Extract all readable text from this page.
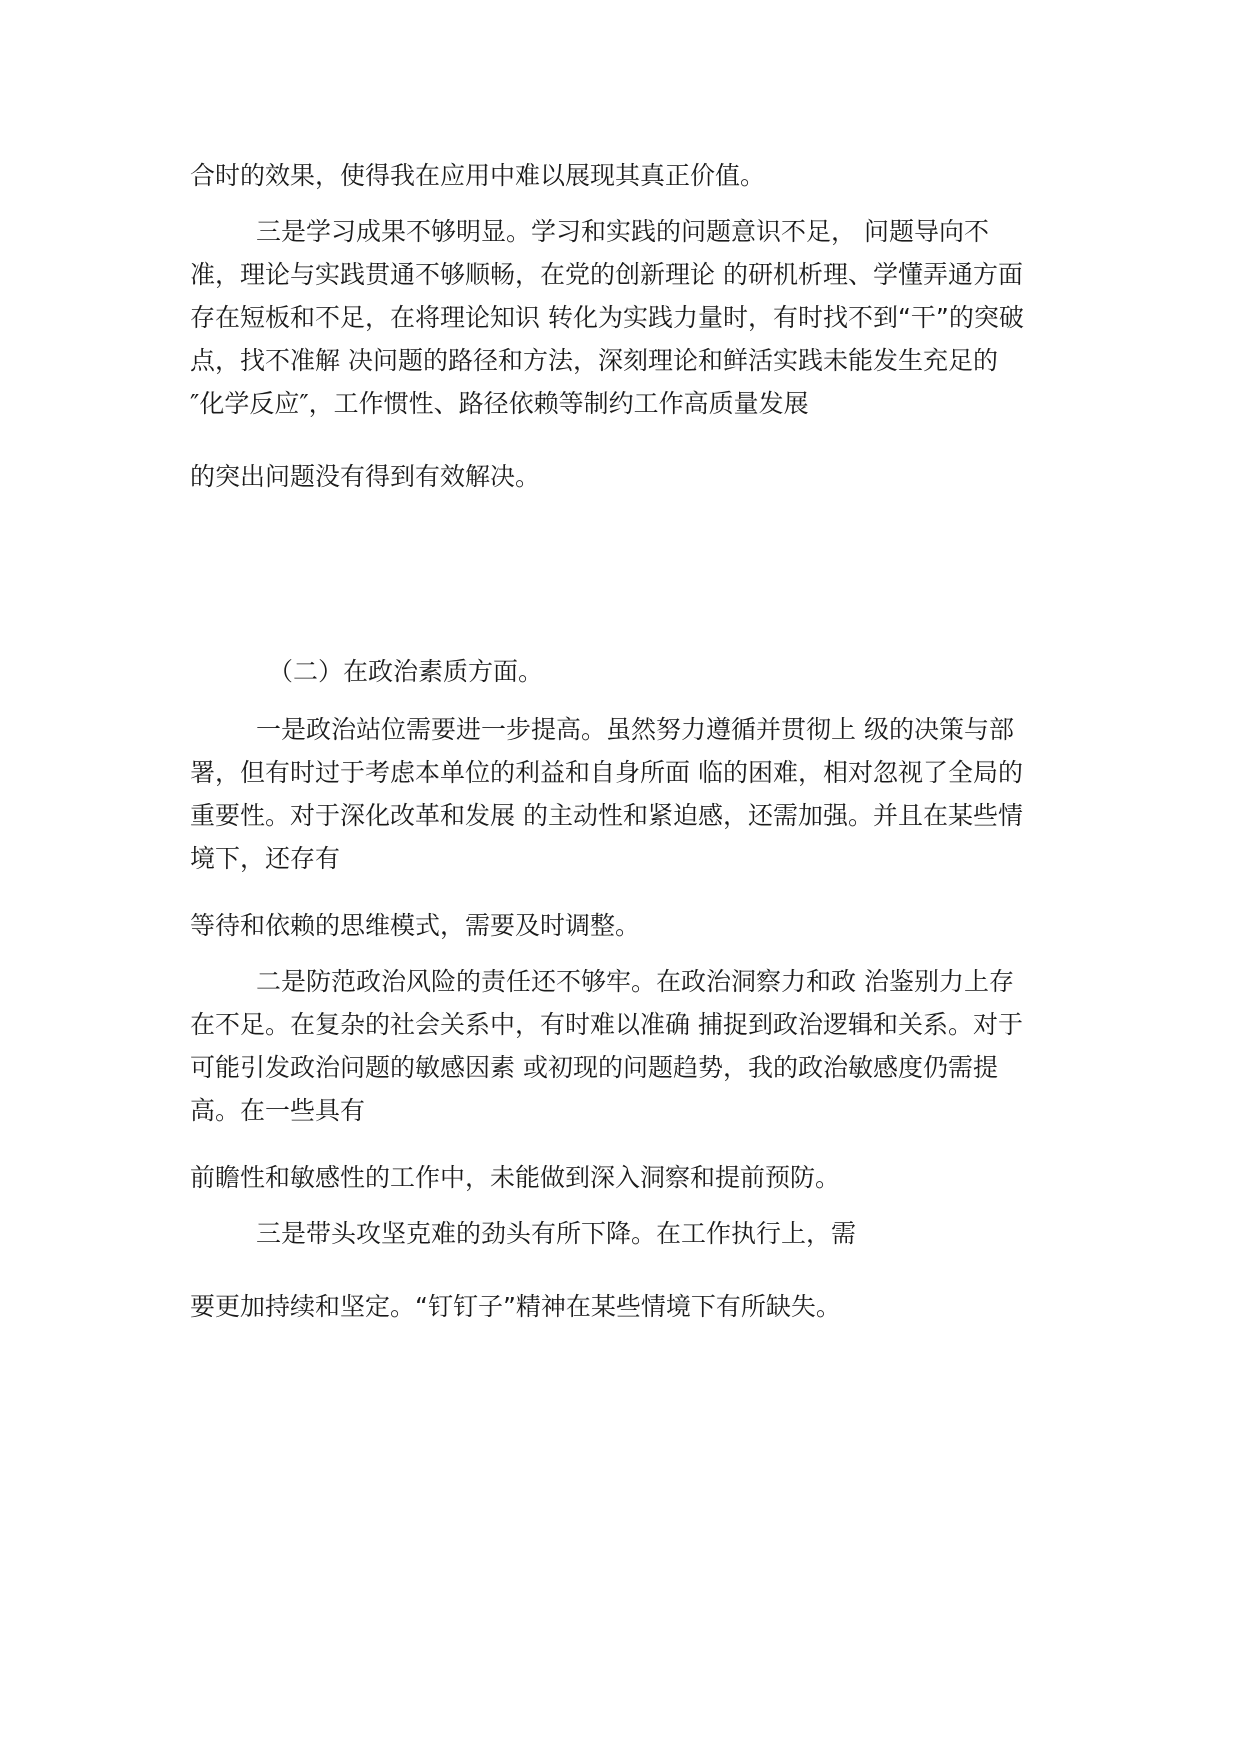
合时的效果，使得我在应用中难以展现其真正价值。

三是学习成果不够明显。学习和实践的问题意识不足， 问题导向不

准，理论与实践贯通不够顺畅，在党的创新理论 的研机析理、学懂弄通方面

存在短板和不足，在将理论知识 转化为实践力量时，有时找不到“干”的突破

点，找不准解 决问题的路径和方法，深刻理论和鲜活实践未能发生充足的

″化学反应″，工作惯性、路径依赖等制约工作高质量发展

的突出问题没有得到有效解决。

（二）在政治素质方面。

一是政治站位需要进一步提高。虽然努力遵循并贯彻上 级的决策与部

署，但有时过于考虑本单位的利益和自身所面 临的困难，相对忽视了全局的

重要性。对于深化改革和发展 的主动性和紧迫感，还需加强。并且在某些情

境下，还存有

等待和依赖的思维模式，需要及时调整。

二是防范政治风险的责任还不够牢。在政治洞察力和政 治鉴别力上存

在不足。在复杂的社会关系中，有时难以准确 捕捉到政治逻辑和关系。对于

可能引发政治问题的敏感因素 或初现的问题趋势，我的政治敏感度仍需提

高。在一些具有

前瞻性和敏感性的工作中，未能做到深入洞察和提前预防。

三是带头攻坚克难的劲头有所下降。在工作执行上，需

要更加持续和坚定。“钉钉子”精神在某些情境下有所缺失。
